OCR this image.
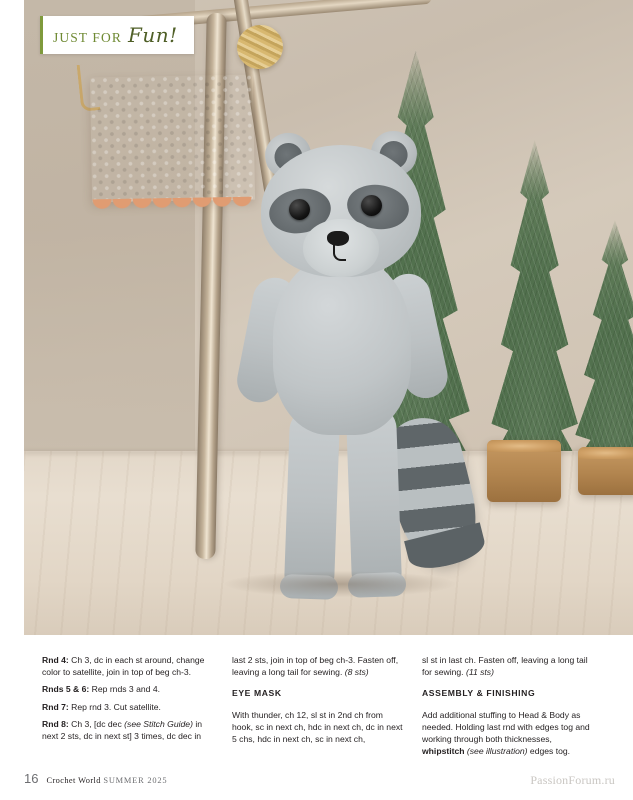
JUST FOR Fun!

Rnd 4: Ch 3, dc in each st around, change color to satellite, join in top of beg ch-3.

Rnds 5 & 6: Rep rnds 3 and 4.

Rnd 7: Rep rnd 3. Cut satellite.

Rnd 8: Ch 3, [dc dec (see Stitch Guide) in next 2 sts, dc in next st] 3 times, dc dec in

last 2 sts, join in top of beg ch-3. Fasten off, leaving a long tail for sewing. (8 sts)

EYE MASK

With thunder, ch 12, sl st in 2nd ch from hook, sc in next ch, hdc in next ch, dc in next 5 chs, hdc in next ch, sc in next ch,

sl st in last ch. Fasten off, leaving a long tail for sewing. (11 sts)

ASSEMBLY & FINISHING

Add additional stuffing to Head & Body as needed. Holding last rnd with edges tog and working through both thicknesses, whipstitch (see illustration) edges tog.

16 Crochet World SUMMER 2025	PassionForum.ru
